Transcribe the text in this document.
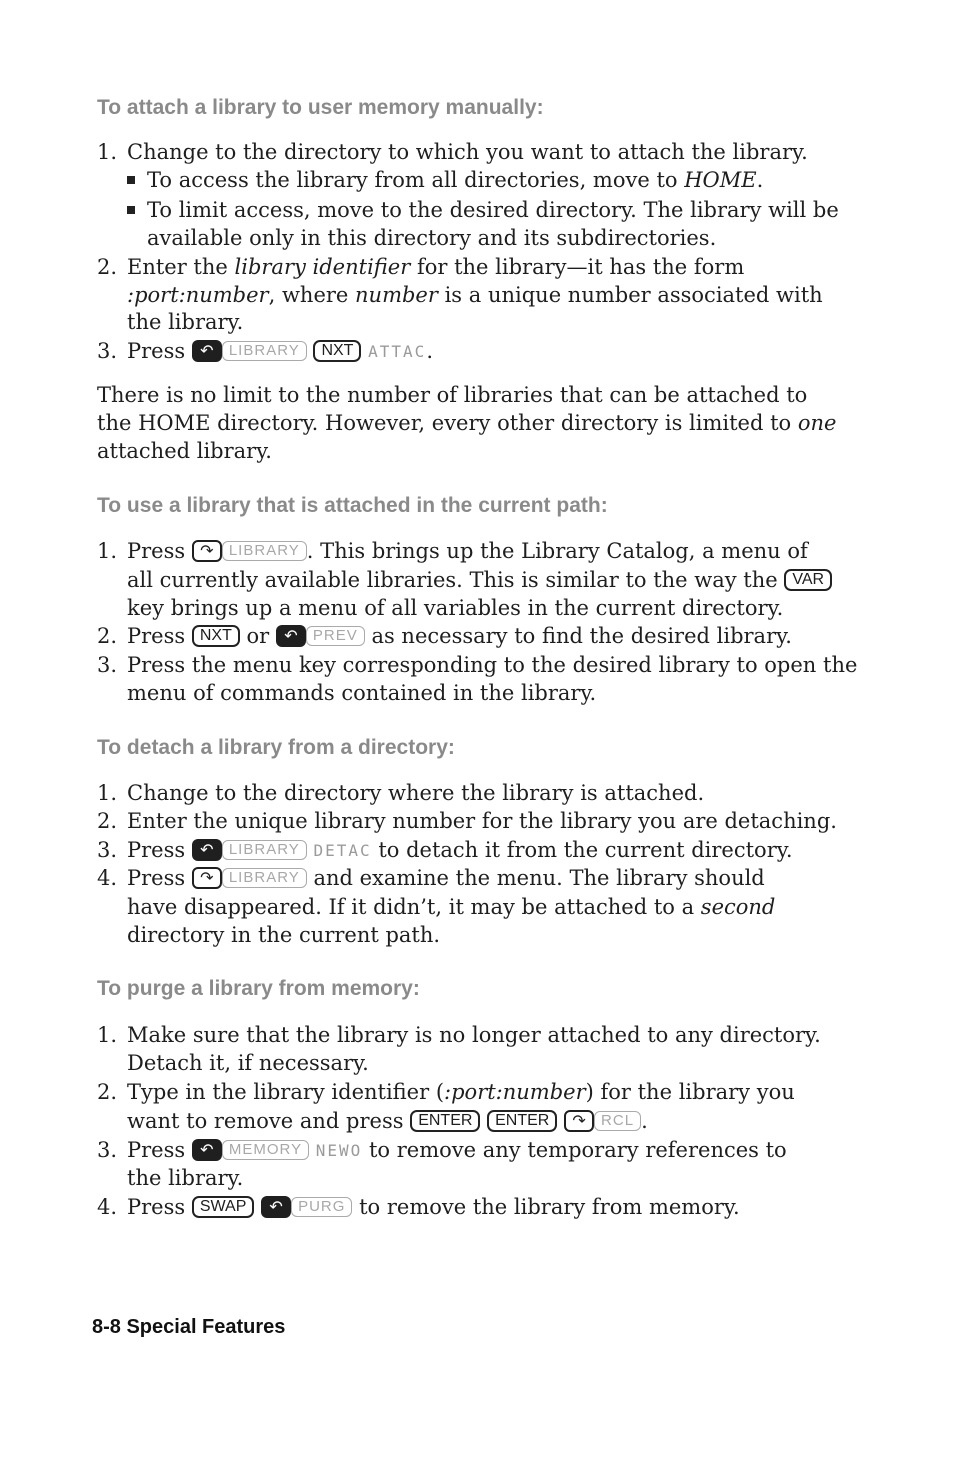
To attach a library to user memory manually:
1. Change to the directory to which you want to attach the library.
To access the library from all directories, move to HOME.
To limit access, move to the desired directory. The library will be
available only in this directory and its subdirectories.
2. Enter the library identifier for the library—it has the form
:port:number, where number is a unique number associated with
the library.
3. Press ↶ LIBRARY NXT ATTAC.
There is no limit to the number of libraries that can be attached to
the HOME directory. However, every other directory is limited to one
attached library.
To use a library that is attached in the current path:
1. Press ↷ LIBRARY . This brings up the Library Catalog, a menu of
all currently available libraries. This is similar to the way the VAR
key brings up a menu of all variables in the current directory.
2. Press NXT or ↶ PREV as necessary to find the desired library.
3. Press the menu key corresponding to the desired library to open the
menu of commands contained in the library.
To detach a library from a directory:
1. Change to the directory where the library is attached.
2. Enter the unique library number for the library you are detaching.
3. Press ↶ LIBRARY DETAC to detach it from the current directory.
4. Press ↷ LIBRARY and examine the menu. The library should
have disappeared. If it didn’t, it may be attached to a second
directory in the current path.
To purge a library from memory:
1. Make sure that the library is no longer attached to any directory.
Detach it, if necessary.
2. Type in the library identifier (:port:number) for the library you
want to remove and press ENTER ENTER ↷ RCL .
3. Press ↶ MEMORY NEWO to remove any temporary references to
the library.
4. Press SWAP ↶ PURG to remove the library from memory.
8-8 Special Features
